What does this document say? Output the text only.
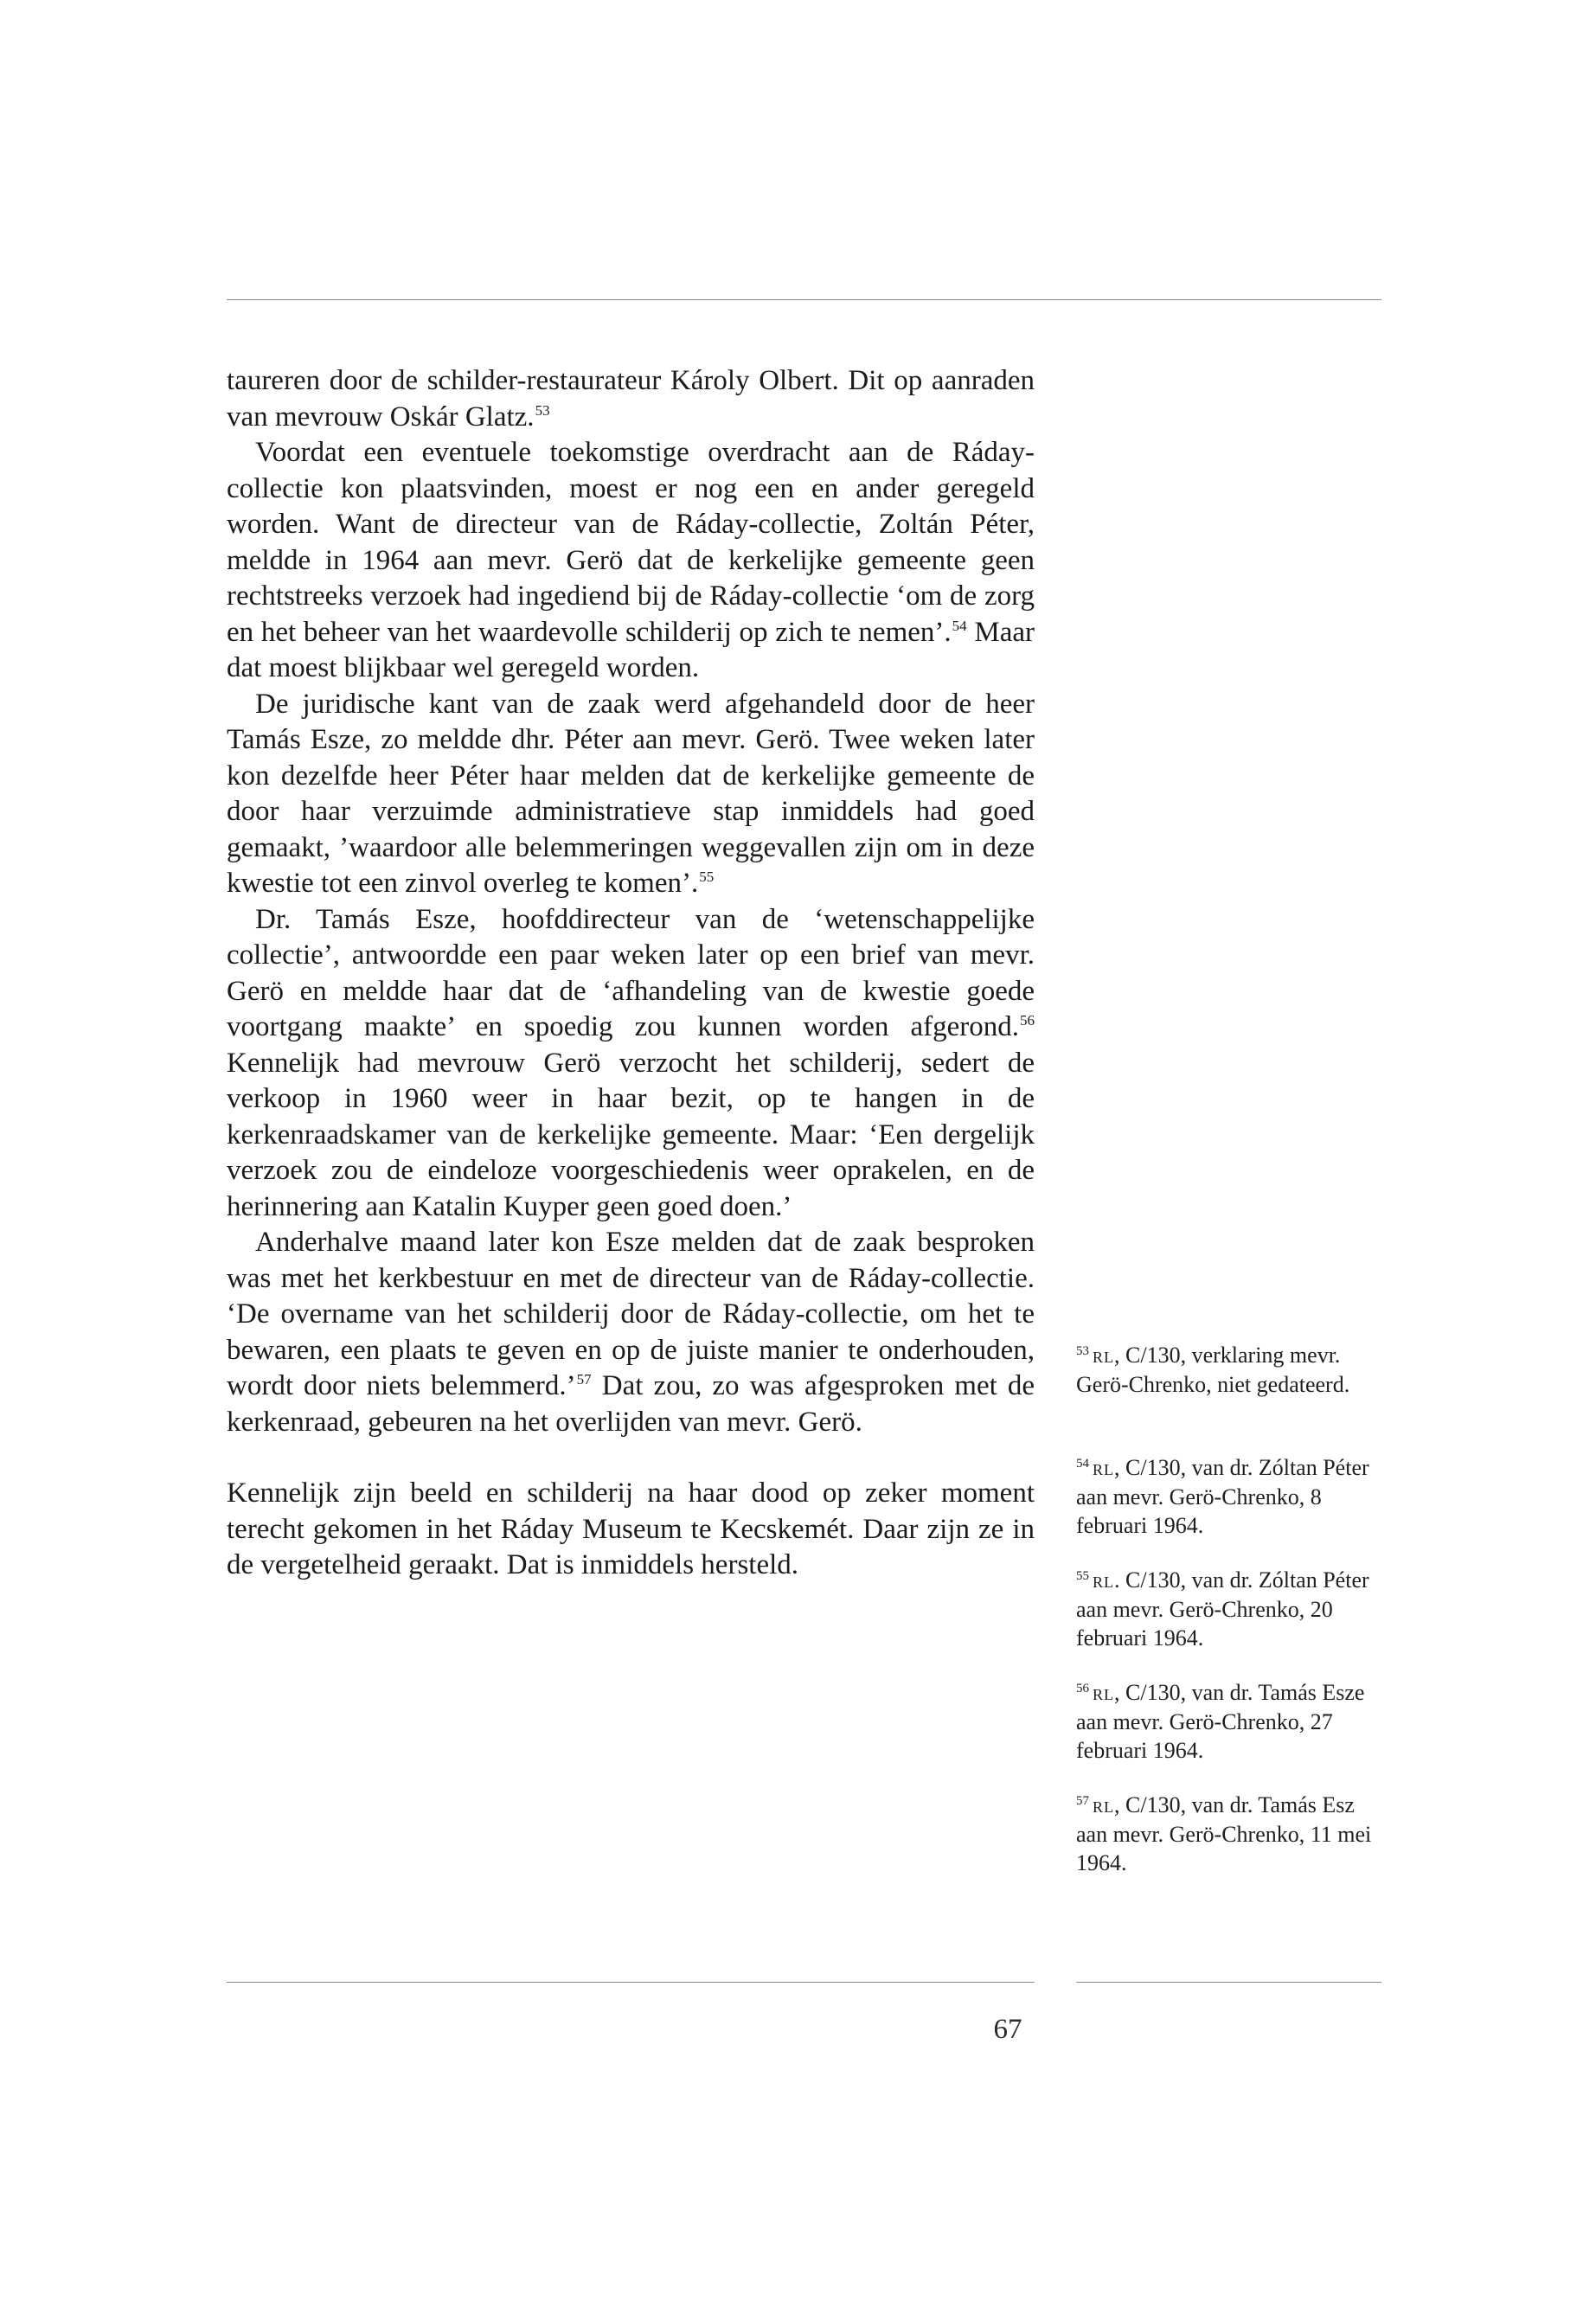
taureren door de schilder-restaurateur Károly Olbert. Dit op aanraden van mevrouw Oskár Glatz.$^{53}$

Voordat een eventuele toekomstige overdracht aan de Ráday-collectie kon plaatsvinden, moest er nog een en ander geregeld worden. Want de directeur van de Ráday-collectie, Zoltán Péter, meldde in 1964 aan mevr. Gerö dat de kerkelijke gemeente geen rechtstreeks verzoek had ingediend bij de Ráday-collectie ‘om de zorg en het beheer van het waardevolle schilderij op zich te nemen’.$^{54}$ Maar dat moest blijkbaar wel geregeld worden.

De juridische kant van de zaak werd afgehandeld door de heer Tamás Esze, zo meldde dhr. Péter aan mevr. Gerö. Twee weken later kon dezelfde heer Péter haar melden dat de kerkelijke gemeente de door haar verzuimde administratieve stap inmiddels had goed gemaakt, ’waardoor alle belemmeringen weggevallen zijn om in deze kwestie tot een zinvol overleg te komen’.$^{55}$

Dr. Tamás Esze, hoofddirecteur van de ‘wetenschappelijke collectie’, antwoordde een paar weken later op een brief van mevr. Gerö en meldde haar dat de ‘afhandeling van de kwestie goede voortgang maakte’ en spoedig zou kunnen worden afgerond.$^{56}$ Kennelijk had mevrouw Gerö verzocht het schilderij, sedert de verkoop in 1960 weer in haar bezit, op te hangen in de kerkenraadskamer van de kerkelijke gemeente. Maar: ‘Een dergelijk verzoek zou de eindeloze voorgeschiedenis weer oprakelen, en de herinnering aan Katalin Kuyper geen goed doen.’

Anderhalve maand later kon Esze melden dat de zaak besproken was met het kerkbestuur en met de directeur van de Ráday-collectie. ‘De overname van het schilderij door de Ráday-collectie, om het te bewaren, een plaats te geven en op de juiste manier te onderhouden, wordt door niets belemmerd.’$^{57}$ Dat zou, zo was afgesproken met de kerkenraad, gebeuren na het overlijden van mevr. Gerö.

Kennelijk zijn beeld en schilderij na haar dood op zeker moment terecht gekomen in het Ráday Museum te Kecskemét. Daar zijn ze in de vergetelheid geraakt. Dat is inmiddels hersteld.

$^{53}$ rl, C/130, verklaring mevr. Gerö-Chrenko, niet gedateerd.

$^{54}$ rl, C/130, van dr. Zóltan Péter aan mevr. Gerö-Chrenko, 8 februari 1964.

$^{55}$ rl. C/130, van dr. Zóltan Péter aan mevr. Gerö-Chrenko, 20 februari 1964.

$^{56}$ rl, C/130, van dr. Tamás Esze aan mevr. Gerö-Chrenko, 27 februari 1964.

$^{57}$ rl, C/130, van dr. Tamás Esz aan mevr. Gerö-Chrenko, 11 mei 1964.

67
